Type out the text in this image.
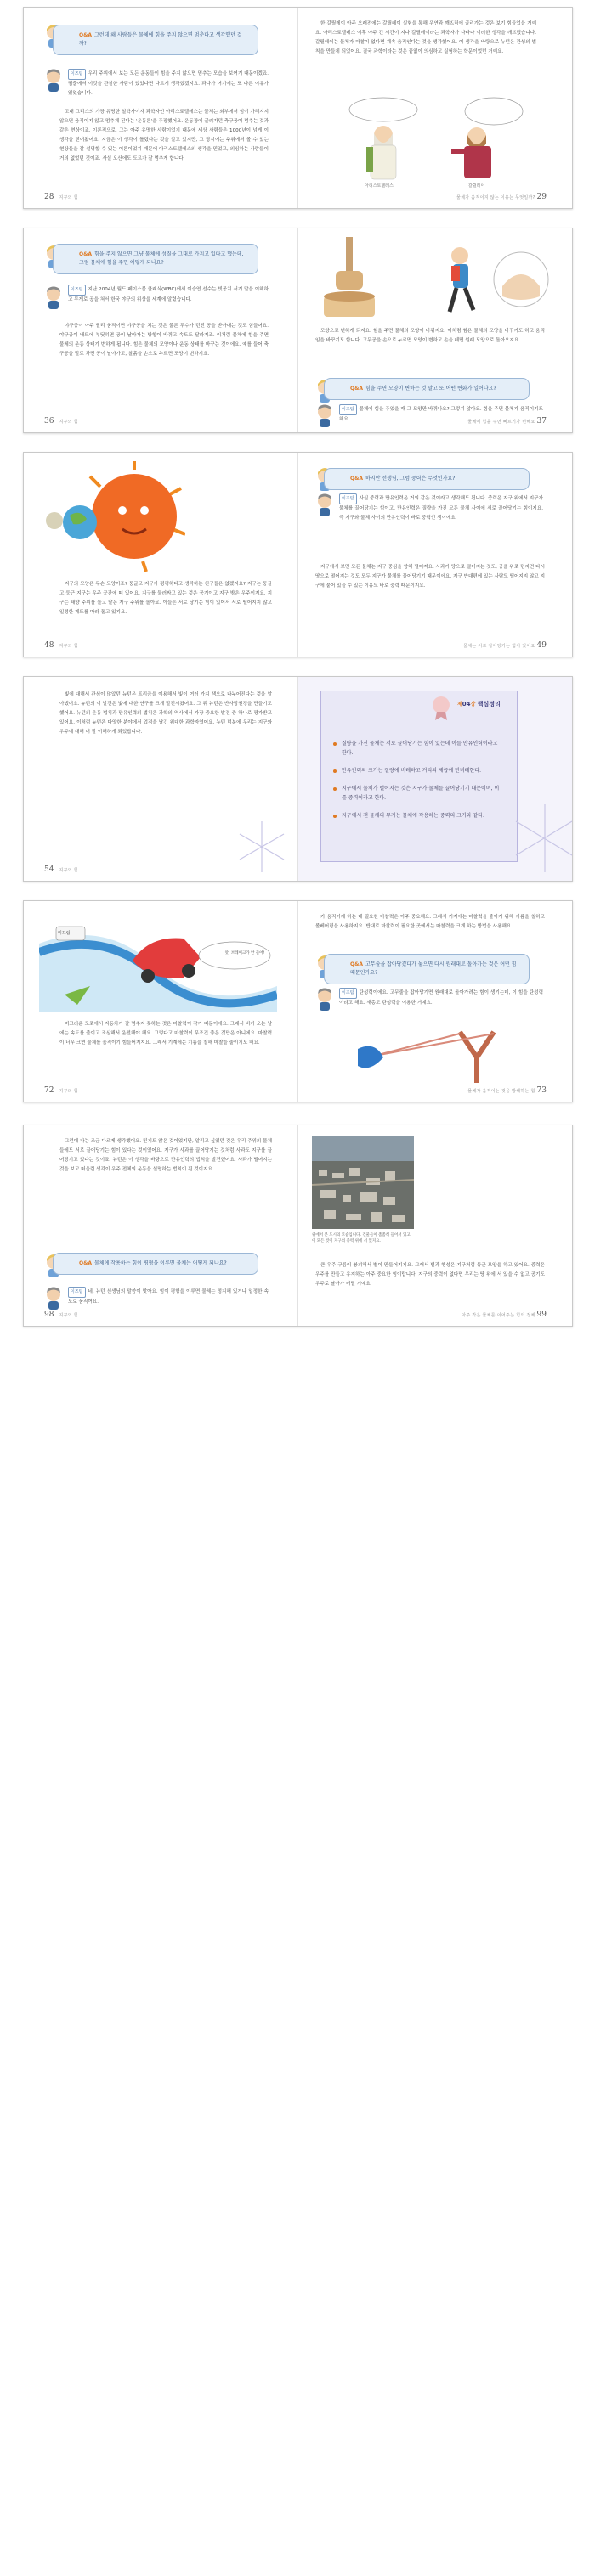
Q&A 그런데 왜 사람들은 물체에 힘을 주지 않으면 멈춘다고 생각했던 걸까?
이즈팀 우리 주위에서 보는 모든 운동들이 힘을 주지 않으면 멈추는 모습을 보여기 때문이겠죠. 멈춤에서 이것을 관찰한 사람이 있었다면 다르게 생각했겠지요. 과다가 여기에는 또 다른 이유가 있었습니다.

고대 그리스의 가장 유명한 철학자이자 과학자인 아리스토텔레스는 물체는 외부에서 힘이 가해지지 않으면 움직이지 않고 멈추게 된다는 '운동론'을 주장했어요. 운동장에 굴러가던 축구공이 멈추는 것과 같은 현상이죠. 이론적으로, 그는 아주 유명한 사람이었기 때문에 세상 사람들은 1000년이 넘게 이 생각을 믿어왔어요. 지금은 이 생각이 틀렸다는 것을 알고 있지만, 그 당시에는 주위에서 볼 수 있는 현상들을 잘 설명할 수 있는 이론이었기 때문에 아리스토텔레스의 생각을 믿었고, 의심하는 사람들이 거의 없었던 것이죠. 사실 오산에도 도르가 잘 멈추게 합니다.

28 지구의 힘

한 갈릴레이 아주 오래전에는 갈릴레이 실험을 통해 우연과 깨뜨림에 굴리가는 것은 보기 힘들었을 거예요. 아리스토텔레스 이후 아주 긴 시간이 지나 갈릴레이라는 과학자가 나타나 이러한 생각을 깨뜨렸습니다. 갈릴레이는 물체가 마찰이 없다면 계속 움직인다는 것을 생각했어요. 이 생각을 바탕으로 뉴턴은 관성의 법칙을 만들게 되었어요. 결국 과학이라는 것은 끝없이 의심하고 실험하는 학문이었던 거예요.

아리스토텔레스	갈릴레이
물체가 움직이지 않는 이유는 무엇일까? 29
Q&A 힘을 주지 않으면 그냥 물체에 성질을 그대로 가지고 있다고 했는데, 그럼 물체에 힘을 주면 어떻게 되나요?
이즈팀 지난 2004년 월드 페이스볼 클래식(WBC)에서 이승엽 선수는 빗공치 서기 말을 이해하고 무게로 공을 쳐서 한국 야구의 위상을 세계에 알렸습니다.

야구공이 아주 빨리 움직이면 야구공을 치는 것은 물론 투수가 던진 공을 받아내는 것도 힘들어요. 야구공이 배트에 부딪히면 공이 날아가는 방향이 바뀌고 속도도 달라지죠. 이처럼 물체에 힘을 주면 물체의 운동 상태가 변하게 됩니다. 힘은 물체의 모양이나 운동 상태를 바꾸는 것이에요. 예를 들어 축구공을 발로 차면 공이 날아가고, 찰흙을 손으로 누르면 모양이 변하지요.

36 지구의 힘

모양으로 변하게 되지요. 힘을 주면 물체의 모양이 바뀌지요. 이처럼 힘은 물체의 모양을 바꾸기도 하고 움직임을 바꾸기도 합니다. 고무공을 손으로 누르면 모양이 변하고 손을 떼면 원래 모양으로 돌아오지요.

Q&A 힘을 주면 모양이 변하는 것 말고 또 어떤 변화가 일어나요?
이즈팀 물체에 힘을 주었을 때 그 모양만 바뀌나요? 그렇지 않아요. 힘을 주면 물체가 움직이기도 해요.	물체에 힘을 주면 빠르기가 변해요 37

지구의 모양은 무슨 모양이죠? 둥글고 지구가 평평하다고 생각하는 친구들은 없겠지요? 지구는 둥글고 둥근 지구는 우주 공간에 떠 있어요. 지구를 둘러싸고 있는 것은 공기이고 지구 밖은 우주이지요. 지구는 태양 주위를 돌고 달은 지구 주위를 돌아요. 이들은 서로 당기는 힘이 있어서 서로 떨어지지 않고 일정한 궤도를 따라 돌고 있지요.

48 지구의 힘
Q&A 하지만 선생님, 그럼 중력은 무엇인가요?
이즈팀 사실 중력과 만유인력은 거의 같은 것이라고 생각해도 됩니다. 중력은 지구 위에서 지구가 물체를 끌어당기는 힘이고, 만유인력은 질량을 가진 모든 물체 사이에 서로 끌어당기는 힘이지요. 즉 지구와 물체 사이의 만유인력이 바로 중력인 셈이에요.

지구에서 보면 모든 물체는 지구 중심을 향해 떨어져요. 사과가 땅으로 떨어지는 것도, 공을 위로 던지면 다시 땅으로 떨어지는 것도 모두 지구가 물체를 끌어당기기 때문이에요. 지구 반대편에 있는 사람도 떨어지지 않고 지구에 붙어 있을 수 있는 이유도 바로 중력 때문이지요.

물체는 서로 잡아당기는 힘이 있어요 49

빛에 대해서 관심이 많았던 뉴턴은 프리즘을 이용해서 빛이 여러 가지 색으로 나누어진다는 것을 알아냈어요. 뉴턴의 이 발견은 빛에 대한 연구를 크게 발전시켰어요. 그 뒤 뉴턴은 반사망원경을 만들기도 했어요. 뉴턴의 운동 법칙과 만유인력의 법칙은 과학의 역사에서 가장 중요한 발견 중 하나로 평가받고 있어요. 이처럼 뉴턴은 다양한 분야에서 업적을 남긴 위대한 과학자였어요. 뉴턴 덕분에 우리는 지구와 우주에 대해 더 잘 이해하게 되었답니다.

54 지구의 힘
제04장 핵심정리
질량을 가진 물체는 서로 끌어당기는 힘이 있는데 이를 만유인력이라고 한다.
만유인력의 크기는 질량에 비례하고 거리의 제곱에 반비례한다.
지구에서 물체가 떨어지는 것은 지구가 물체를 끌어당기기 때문이며, 이를 중력이라고 한다.
지구에서 잰 물체의 무게는 물체에 작용하는 중력의 크기와 같다.
미끄럼
앗, 브레이크가 안 들어!

미끄러운 도로에서 자동차가 잘 멈추지 못하는 것은 마찰력이 작기 때문이에요. 그래서 비가 오는 날에는 속도를 줄이고 조심해서 운전해야 해요. 그렇다고 마찰력이 무조건 좋은 것만은 아니에요. 마찰력이 너무 크면 물체를 움직이기 힘들어지지요. 그래서 기계에는 기름을 칠해 마찰을 줄이기도 해요.

72 지구의 힘

카 움직이게 하는 데 필요한 마찰력은 아주 중요해요. 그래서 기계에는 마찰력을 줄이기 위해 기름을 칠하고 볼베어링을 사용하지요. 반대로 마찰력이 필요한 곳에서는 마찰력을 크게 하는 방법을 사용해요.

Q&A 고무줄을 잡아당겼다가 놓으면 다시 원래대로 돌아가는 것은 어떤 힘 때문인가요?
이즈팀 탄성력이에요. 고무줄을 잡아당기면 원래대로 돌아가려는 힘이 생기는데, 이 힘을 탄성력이라고 해요. 새총도 탄성력을 이용한 거예요.
물체가 움직이는 것을 방해하는 힘 73

그런데 나는 조금 다르게 생각했어요. 믿지도 않은 것이었지만, 알리고 싶었던 것은 우리 주위의 물체들에도 서로 끌어당기는 힘이 있다는 것이었어요. 지구가 사과를 끌어당기는 것처럼 사과도 지구를 끌어당기고 있다는 것이죠. 뉴턴은 이 생각을 바탕으로 만유인력의 법칙을 발견했어요. 사과가 떨어지는 것을 보고 떠올린 생각이 우주 전체의 운동을 설명하는 법칙이 된 것이지요.

Q&A 물체에 작용하는 힘이 평형을 이루면 물체는 어떻게 되나요?
이즈팀 네, 뉴턴 선생님의 말씀이 맞아요. 힘이 평형을 이루면 물체는 정지해 있거나 일정한 속도로 움직여요.
98 지구의 힘
위에서 본 도시의 모습입니다. 건물들이 촘촘히 들어서 있고, 이 모든 것이 지구의 중력 위에 서 있지요.

큰 우주 구름이 붕괴해서 별이 만들어지지요. 그래서 별과 행성은 지구처럼 둥근 모양을 하고 있어요. 중력은 우주를 만들고 유지하는 아주 중요한 힘이랍니다. 지구의 중력이 없다면 우리는 땅 위에 서 있을 수 없고 공기도 우주로 날아가 버릴 거예요.

아주 작은 물체를 이어주는 힘의 정체 99
